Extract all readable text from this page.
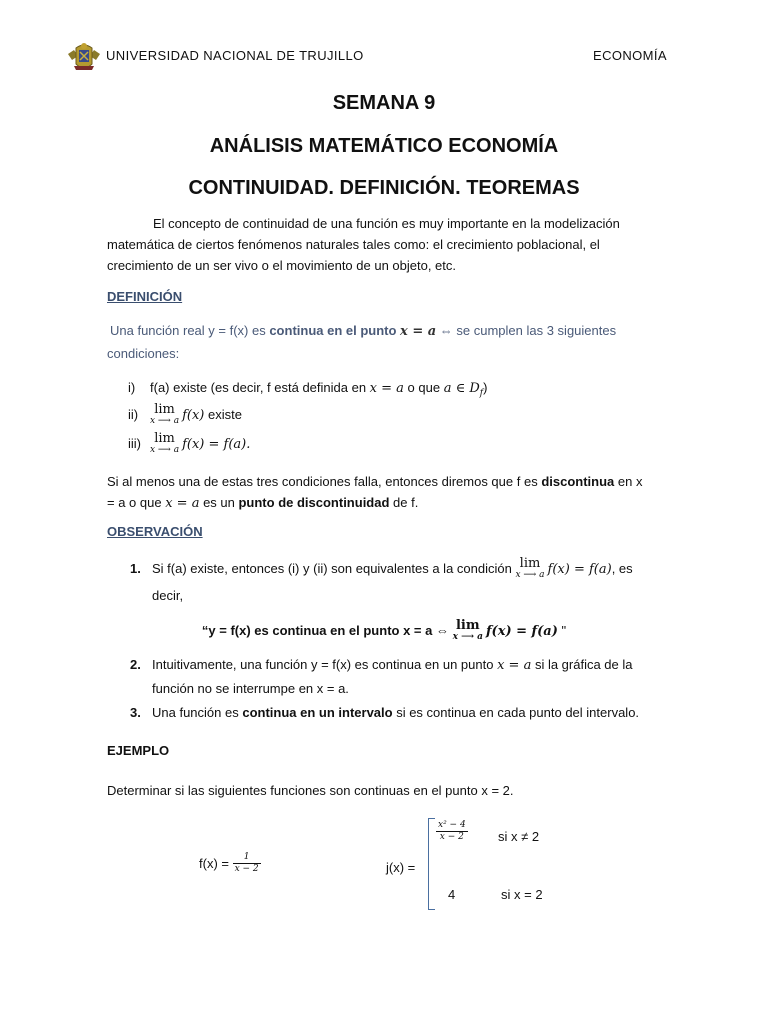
UNIVERSIDAD NACIONAL DE TRUJILLO	ECONOMÍA
SEMANA 9
ANÁLISIS MATEMÁTICO ECONOMÍA
CONTINUIDAD. DEFINICIÓN. TEOREMAS
El concepto de continuidad de una función es muy importante en la modelización
matemática de ciertos fenómenos naturales tales como: el crecimiento poblacional, el
crecimiento de un ser vivo o el movimiento de un objeto, etc.
DEFINICIÓN
Una función real y = f(x) es continua en el punto x = a ⇔ se cumplen las 3 siguientes
condiciones:
i) f(a) existe (es decir, f está definida en x = a o que a ∈ $D_f$)
ii)	lim
x ⟶ a f(x) existe
iii)	lim
x ⟶ a f(x) = f(a).
Si al menos una de estas tres condiciones falla, entonces diremos que f es discontinua en x
= a o que x = a es un punto de discontinuidad de f.
OBSERVACIÓN
1. Si f(a) existe, entonces (i) y (ii) son equivalentes a la condición lim
x ⟶ a f(x) = f(a), es
decir,
“y = f(x) es continua en el punto x = a ⇔ lim
x ⟶ a f(x) = f(a) "
2. Intuitivamente, una función y = f(x) es continua en un punto x = a si la gráfica de la
función no se interrumpe en x = a.
3. Una función es continua en un intervalo si es continua en cada punto del intervalo.
EJEMPLO
Determinar si las siguientes funciones son continuas en el punto x = 2.
$f(x) = \frac{1}{x - 2}$	j(x) =
$\frac{\text{x² − 4}}{x - 2}$ si x ≠ 2
4	si x = 2
